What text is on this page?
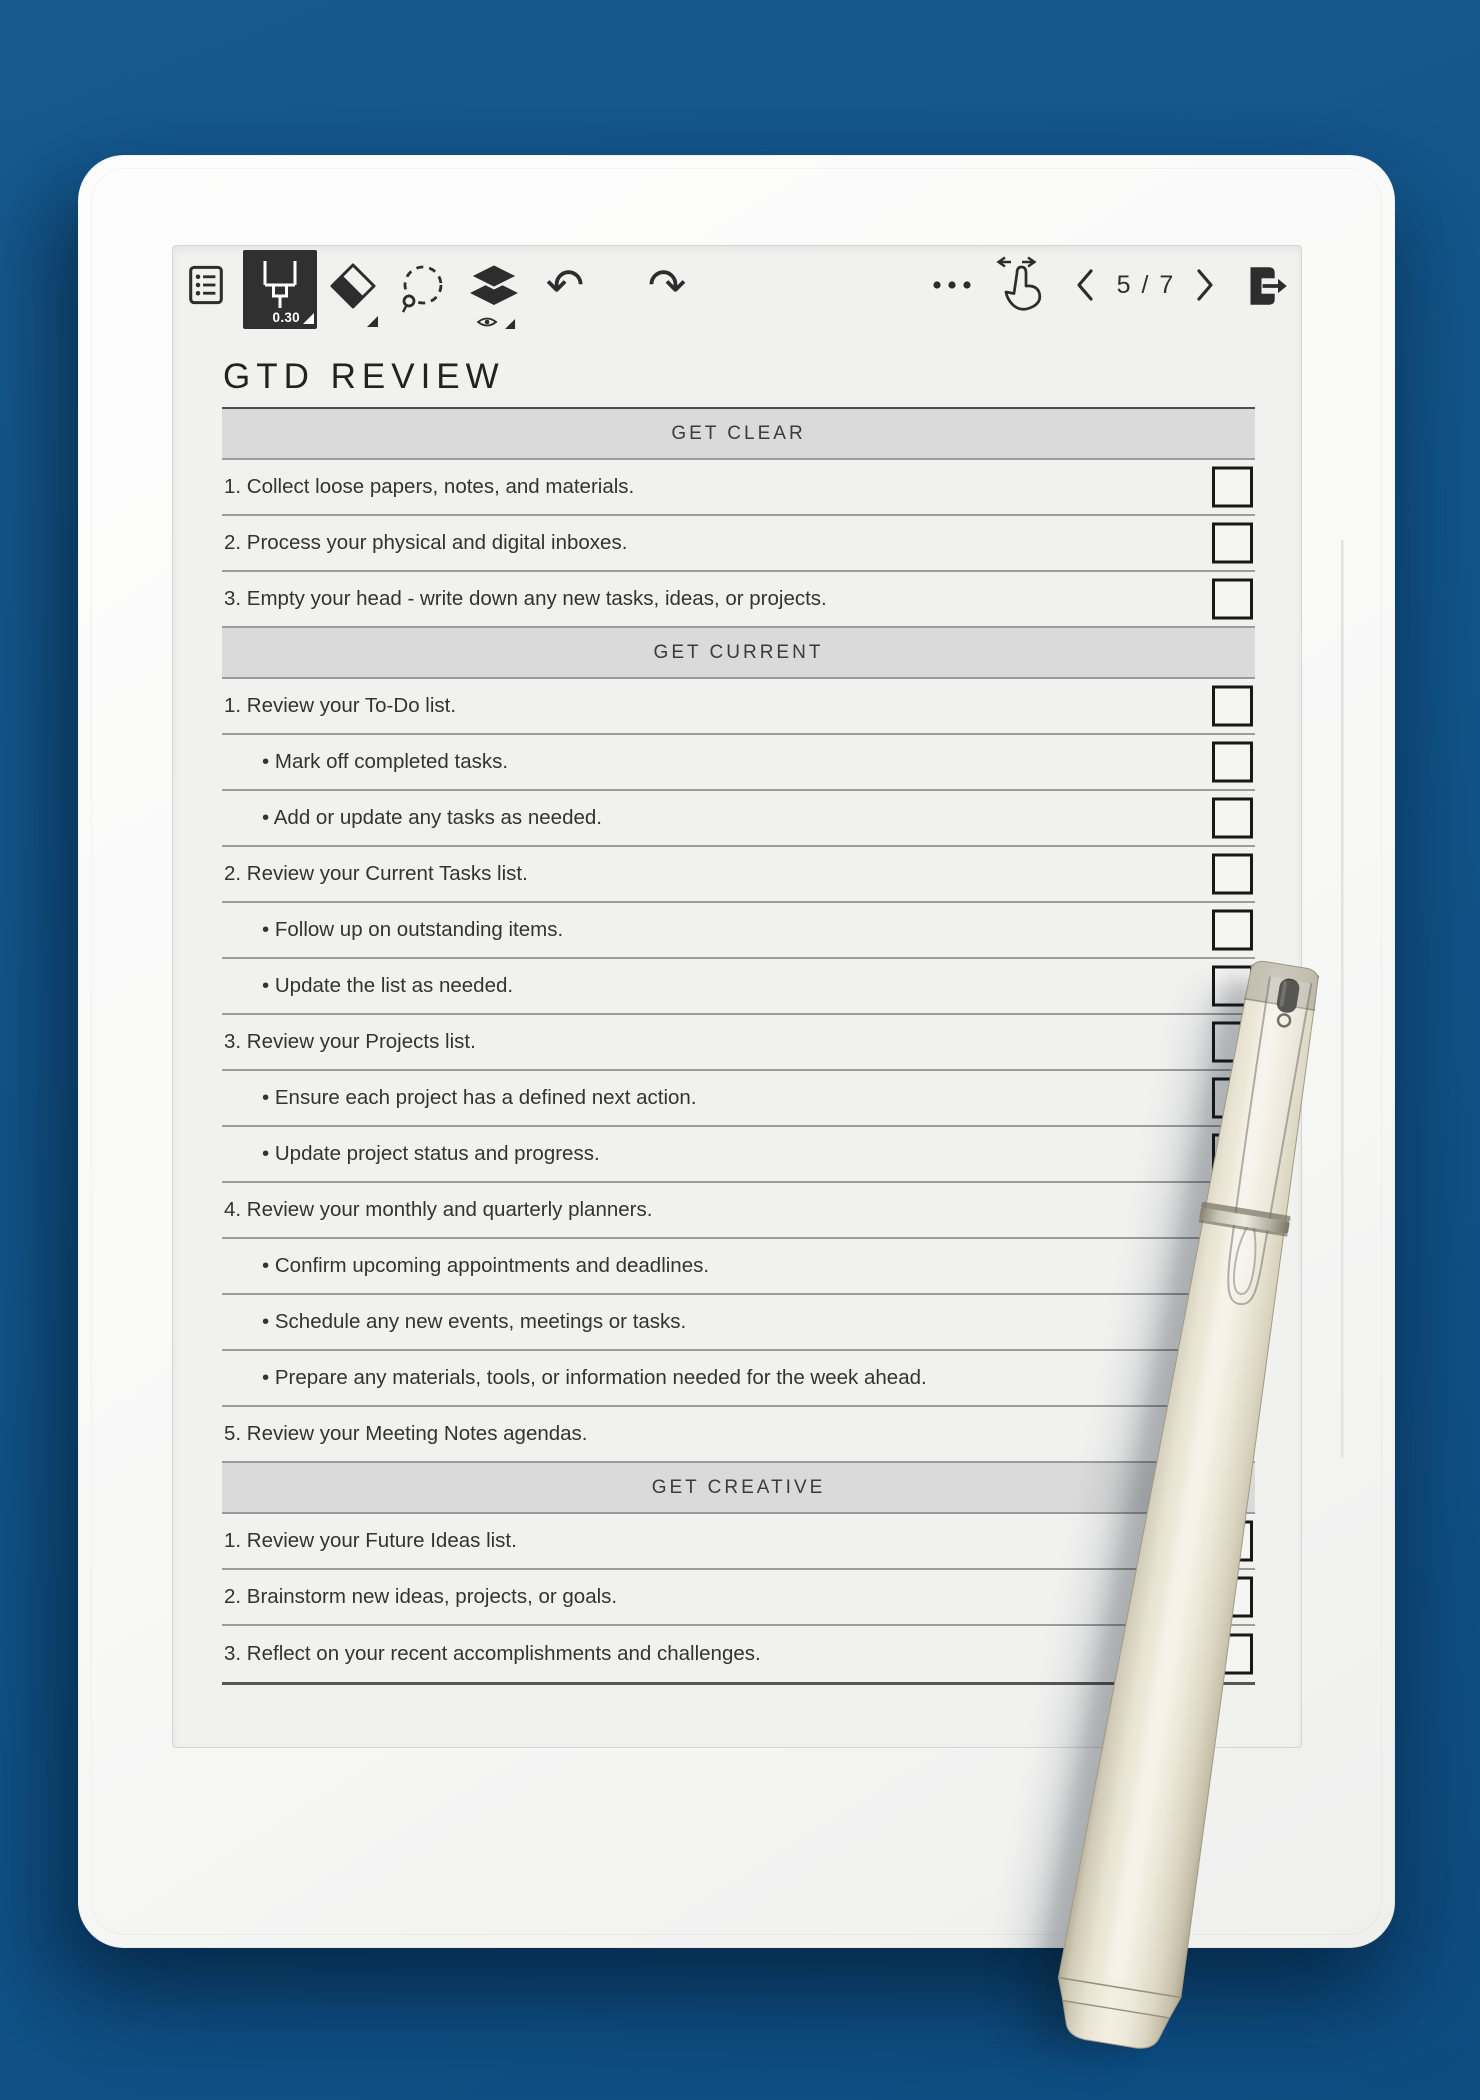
0.30
↶ ↷	5 / 7
GTD REVIEW
GET CLEAR
1. Collect loose papers, notes, and materials.
2. Process your physical and digital inboxes.
3. Empty your head - write down any new tasks, ideas, or projects.
GET CURRENT
1. Review your To-Do list.
• Mark off completed tasks.
• Add or update any tasks as needed.
2. Review your Current Tasks list.
• Follow up on outstanding items.
• Update the list as needed.
3. Review your Projects list.
• Ensure each project has a defined next action.
• Update project status and progress.
4. Review your monthly and quarterly planners.
• Confirm upcoming appointments and deadlines.
• Schedule any new events, meetings or tasks.
• Prepare any materials, tools, or information needed for the week ahead.
5. Review your Meeting Notes agendas.
GET CREATIVE
1. Review your Future Ideas list.
2. Brainstorm new ideas, projects, or goals.
3. Reflect on your recent accomplishments and challenges.
